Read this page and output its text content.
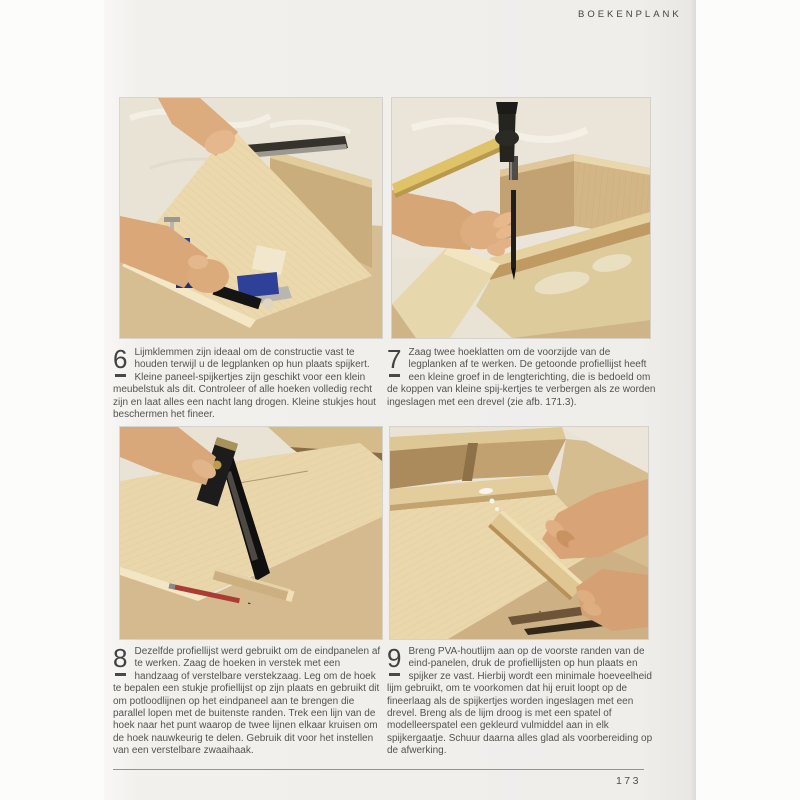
BOEKENPLANK
6 Lijmklemmen zijn ideaal om de constructie vast te houden terwijl u de legplanken op hun plaats spijkert. Kleine paneel-spijkertjes zijn geschikt voor een klein meubelstuk als dit. Controleer of alle hoeken volledig recht zijn en laat alles een nacht lang drogen. Kleine stukjes hout beschermen het fineer.

7 Zaag twee hoeklatten om de voorzijde van de legplanken af te werken. De getoonde profiellijst heeft een kleine groef in de lengterichting, die is bedoeld om de koppen van kleine spij-kertjes te verbergen als ze worden ingeslagen met een drevel (zie afb. 171.3).

8 Dezelfde profiellijst werd gebruikt om de eindpanelen af te werken. Zaag de hoeken in verstek met een handzaag of verstelbare verstekzaag. Leg om de hoek te bepalen een stukje profiellijst op zijn plaats en gebruikt dit om potloodlijnen op het eindpaneel aan te brengen die parallel lopen met de buitenste randen. Trek een lijn van de hoek naar het punt waarop de twee lijnen elkaar kruisen om de hoek nauwkeurig te delen. Gebruik dit voor het instellen van een verstelbare zwaaihaak.

9 Breng PVA-houtlijm aan op de voorste randen van de eind-panelen, druk de profiellijsten op hun plaats en spijker ze vast. Hierbij wordt een minimale hoeveelheid lijm gebruikt, om te voorkomen dat hij eruit loopt op de fineerlaag als de spijkertjes worden ingeslagen met een drevel. Breng als de lijm droog is met een spatel of modelleerspatel een gekleurd vulmiddel aan in elk spijkergaatje. Schuur daarna alles glad als voorbereiding op de afwerking.

173
